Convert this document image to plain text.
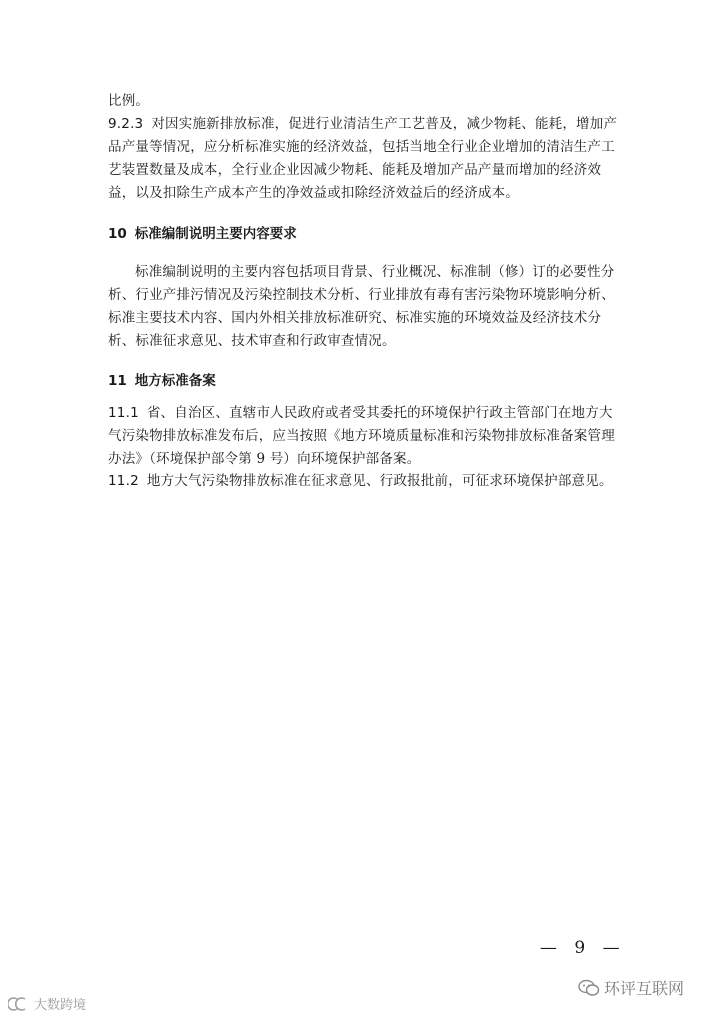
比例。

9.2.3 对因实施新排放标准，促进行业清洁生产工艺普及，减少物耗、能耗，增加产品产量等情况，应分析标准实施的经济效益，包括当地全行业企业增加的清洁生产工艺装置数量及成本，全行业企业因减少物耗、能耗及增加产品产量而增加的经济效益，以及扣除生产成本产生的净效益或扣除经济效益后的经济成本。

10 标准编制说明主要内容要求

标准编制说明的主要内容包括项目背景、行业概况、标准制（修）订的必要性分析、行业产排污情况及污染控制技术分析、行业排放有毒有害污染物环境影响分析、标准主要技术内容、国内外相关排放标准研究、标准实施的环境效益及经济技术分析、标准征求意见、技术审查和行政审查情况。

11 地方标准备案

11.1 省、自治区、直辖市人民政府或者受其委托的环境保护行政主管部门在地方大气污染物排放标准发布后，应当按照《地方环境质量标准和污染物排放标准备案管理办法》（环境保护部令第 9 号）向环境保护部备案。

11.2 地方大气污染物排放标准在征求意见、行政报批前，可征求环境保护部意见。

— 9 —
环评互联网
大数跨境
